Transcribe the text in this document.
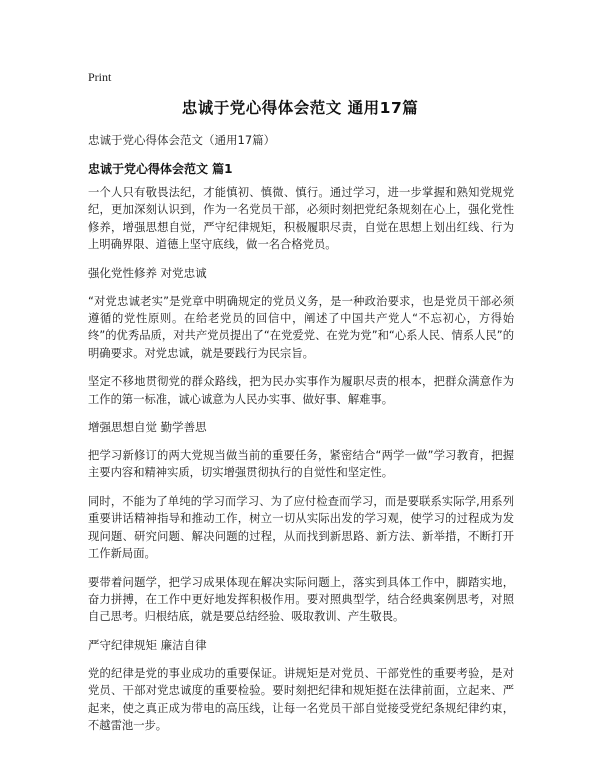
Print
忠诚于党心得体会范文 通用17篇
忠诚于党心得体会范文（通用17篇）
忠诚于党心得体会范文 篇1

一个人只有敬畏法纪，才能慎初、慎微、慎行。通过学习，进一步掌握和熟知党规党纪，更加深刻认识到，作为一名党员干部，必须时刻把党纪条规刻在心上，强化党性修养，增强思想自觉，严守纪律规矩，积极履职尽责，自觉在思想上划出红线、行为上明确界限、道德上坚守底线，做一名合格党员。

强化党性修养 对党忠诚

“对党忠诚老实”是党章中明确规定的党员义务，是一种政治要求，也是党员干部必须遵循的党性原则。在给老党员的回信中，阐述了中国共产党人“不忘初心，方得始终”的优秀品质，对共产党员提出了“在党爱党、在党为党”和“心系人民、情系人民”的明确要求。对党忠诚，就是要践行为民宗旨。

坚定不移地贯彻党的群众路线，把为民办实事作为履职尽责的根本，把群众满意作为工作的第一标准，诚心诚意为人民办实事、做好事、解难事。

增强思想自觉 勤学善思

把学习新修订的两大党规当做当前的重要任务，紧密结合“两学一做”学习教育，把握主要内容和精神实质，切实增强贯彻执行的自觉性和坚定性。

同时，不能为了单纯的学习而学习、为了应付检查而学习，而是要联系实际学,用系列重要讲话精神指导和推动工作，树立一切从实际出发的学习观，使学习的过程成为发现问题、研究问题、解决问题的过程，从而找到新思路、新方法、新举措，不断打开工作新局面。

要带着问题学，把学习成果体现在解决实际问题上，落实到具体工作中，脚踏实地，奋力拼搏，在工作中更好地发挥积极作用。要对照典型学，结合经典案例思考，对照自己思考。归根结底，就是要总结经验、吸取教训、产生敬畏。

严守纪律规矩 廉洁自律

党的纪律是党的事业成功的重要保证。讲规矩是对党员、干部党性的重要考验，是对党员、干部对党忠诚度的重要检验。要时刻把纪律和规矩挺在法律前面，立起来、严起来，使之真正成为带电的高压线，让每一名党员干部自觉接受党纪条规纪律约束，不越雷池一步。
